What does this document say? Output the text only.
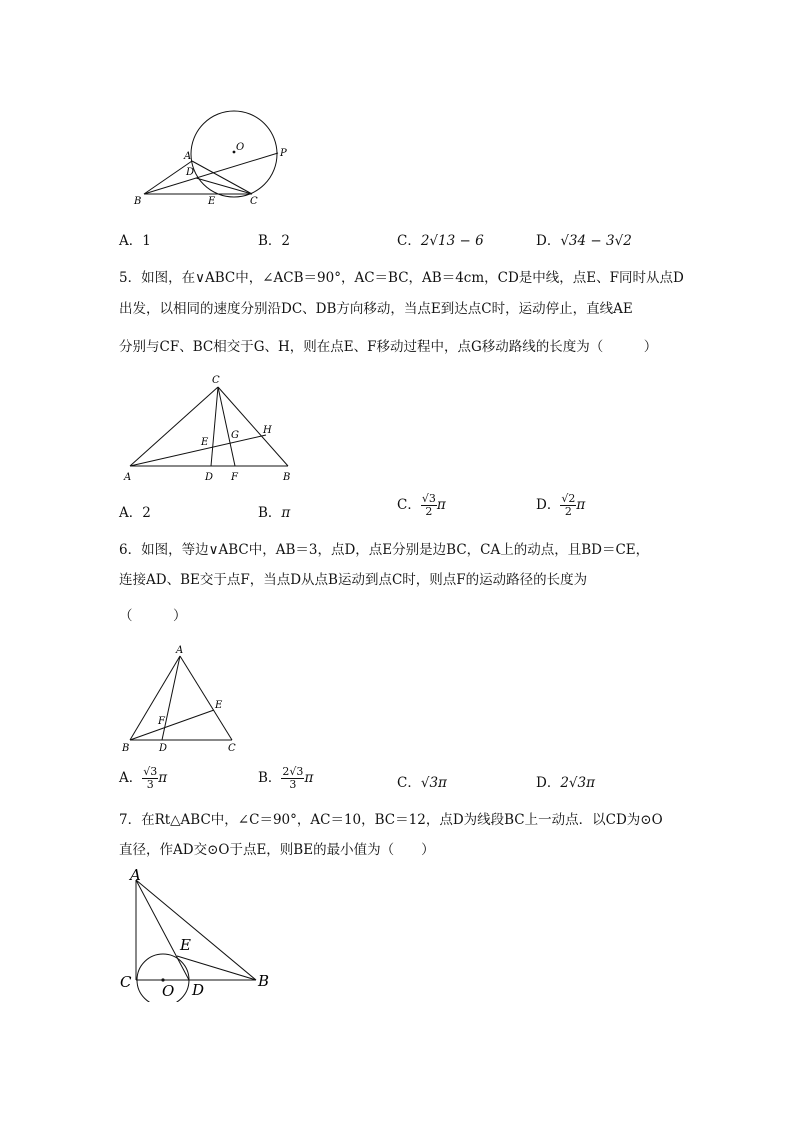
O
P
A
D
B	E	C
A．1	B．2	C．2√13 − 6	D．√34 − 3√2
5．如图，在∨ABC中，∠ACB＝90°，AC＝BC，AB＝4cm，CD是中线，点E、F同时从点D
出发，以相同的速度分别沿DC、DB方向移动，当点E到达点C时，运动停止，直线AE
分别与CF、BC相交于G、H，则在点E、F移动过程中，点G移动路线的长度为（　　　）
C
H
G
E
A	D F	B
A．2	B．π	C． $\frac{√3}{2}$ π	D． $\frac{√2}{2}$ π
6．如图，等边∨ABC中，AB＝3，点D，点E分别是边BC，CA上的动点，且BD＝CE，
连接AD、BE交于点F，当点D从点B运动到点C时，则点F的运动路径的长度为
（　　　）
A
E
F
B	D	C
A． $\frac{√3}{3}$ π	B． $\frac{2√3}{3}$ π	C．√3π	D．2√3π
7．在Rt△ABC中，∠C＝90°，AC＝10，BC＝12，点D为线段BC上一动点．以CD为⊙O
直径，作AD交⊙O于点E，则BE的最小值为（　　）
A
E
C O D	B
